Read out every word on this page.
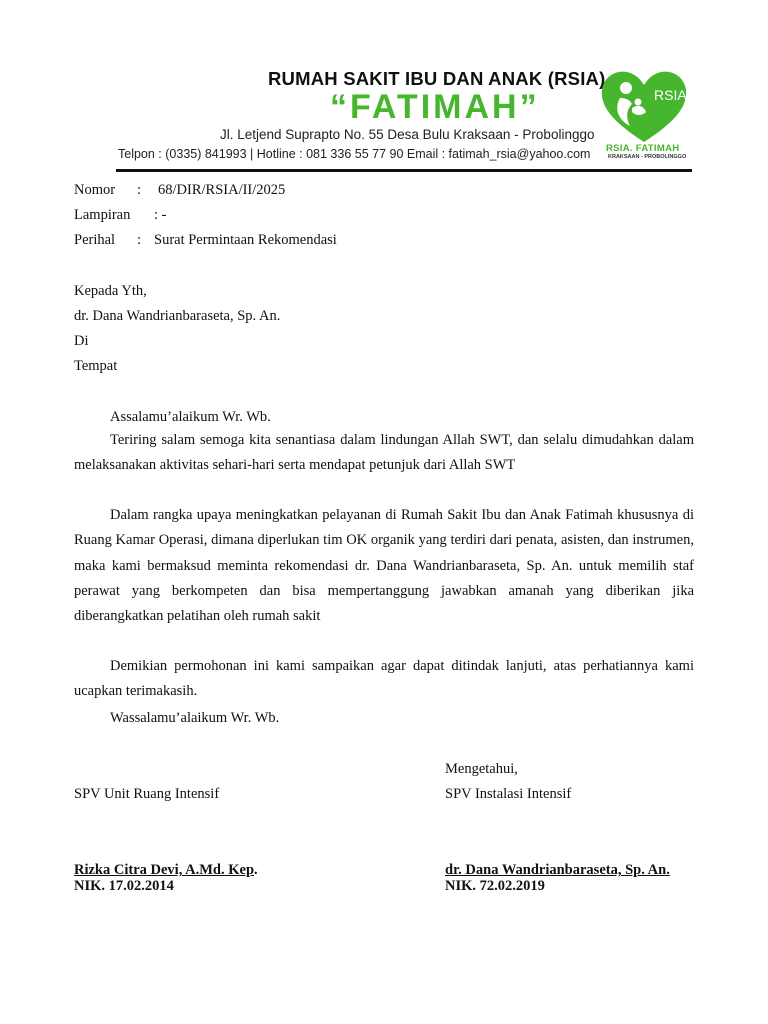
RUMAH SAKIT IBU DAN ANAK (RSIA)
“FATIMAH”
Jl. Letjend Suprapto No. 55 Desa Bulu Kraksaan - Probolinggo
Telpon : (0335) 841993 | Hotline : 081 336 55 77 90 Email : fatimah_rsia@yahoo.com
RSIA
RSIA. FATIMAH
KRAKSAAN - PROBOLINGGO
Nomor : 68/DIR/RSIA/II/2025
Lampiran : -
Perihal : Surat Permintaan Rekomendasi
Kepada Yth,
dr. Dana Wandrianbaraseta, Sp. An.
Di
Tempat
Assalamu’alaikum Wr. Wb.
Teriring salam semoga kita senantiasa dalam lindungan Allah SWT, dan selalu dimudahkan dalam melaksanakan aktivitas sehari-hari serta mendapat petunjuk dari Allah SWT
Dalam rangka upaya meningkatkan pelayanan di Rumah Sakit Ibu dan Anak Fatimah khususnya di Ruang Kamar Operasi, dimana diperlukan tim OK organik yang terdiri dari penata, asisten, dan instrumen, maka kami bermaksud meminta rekomendasi dr. Dana Wandrianbaraseta, Sp. An. untuk memilih staf perawat yang berkompeten dan bisa mempertanggung jawabkan amanah yang diberikan jika diberangkatkan pelatihan oleh rumah sakit
Demikian permohonan ini kami sampaikan agar dapat ditindak lanjuti, atas perhatiannya kami ucapkan terimakasih.
Wassalamu’alaikum Wr. Wb.
Mengetahui,
SPV Unit Ruang Intensif	SPV Instalasi Intensif
Rizka Citra Devi, A.Md. Kep.
NIK. 17.02.2014
dr. Dana Wandrianbaraseta, Sp. An.
NIK. 72.02.2019
